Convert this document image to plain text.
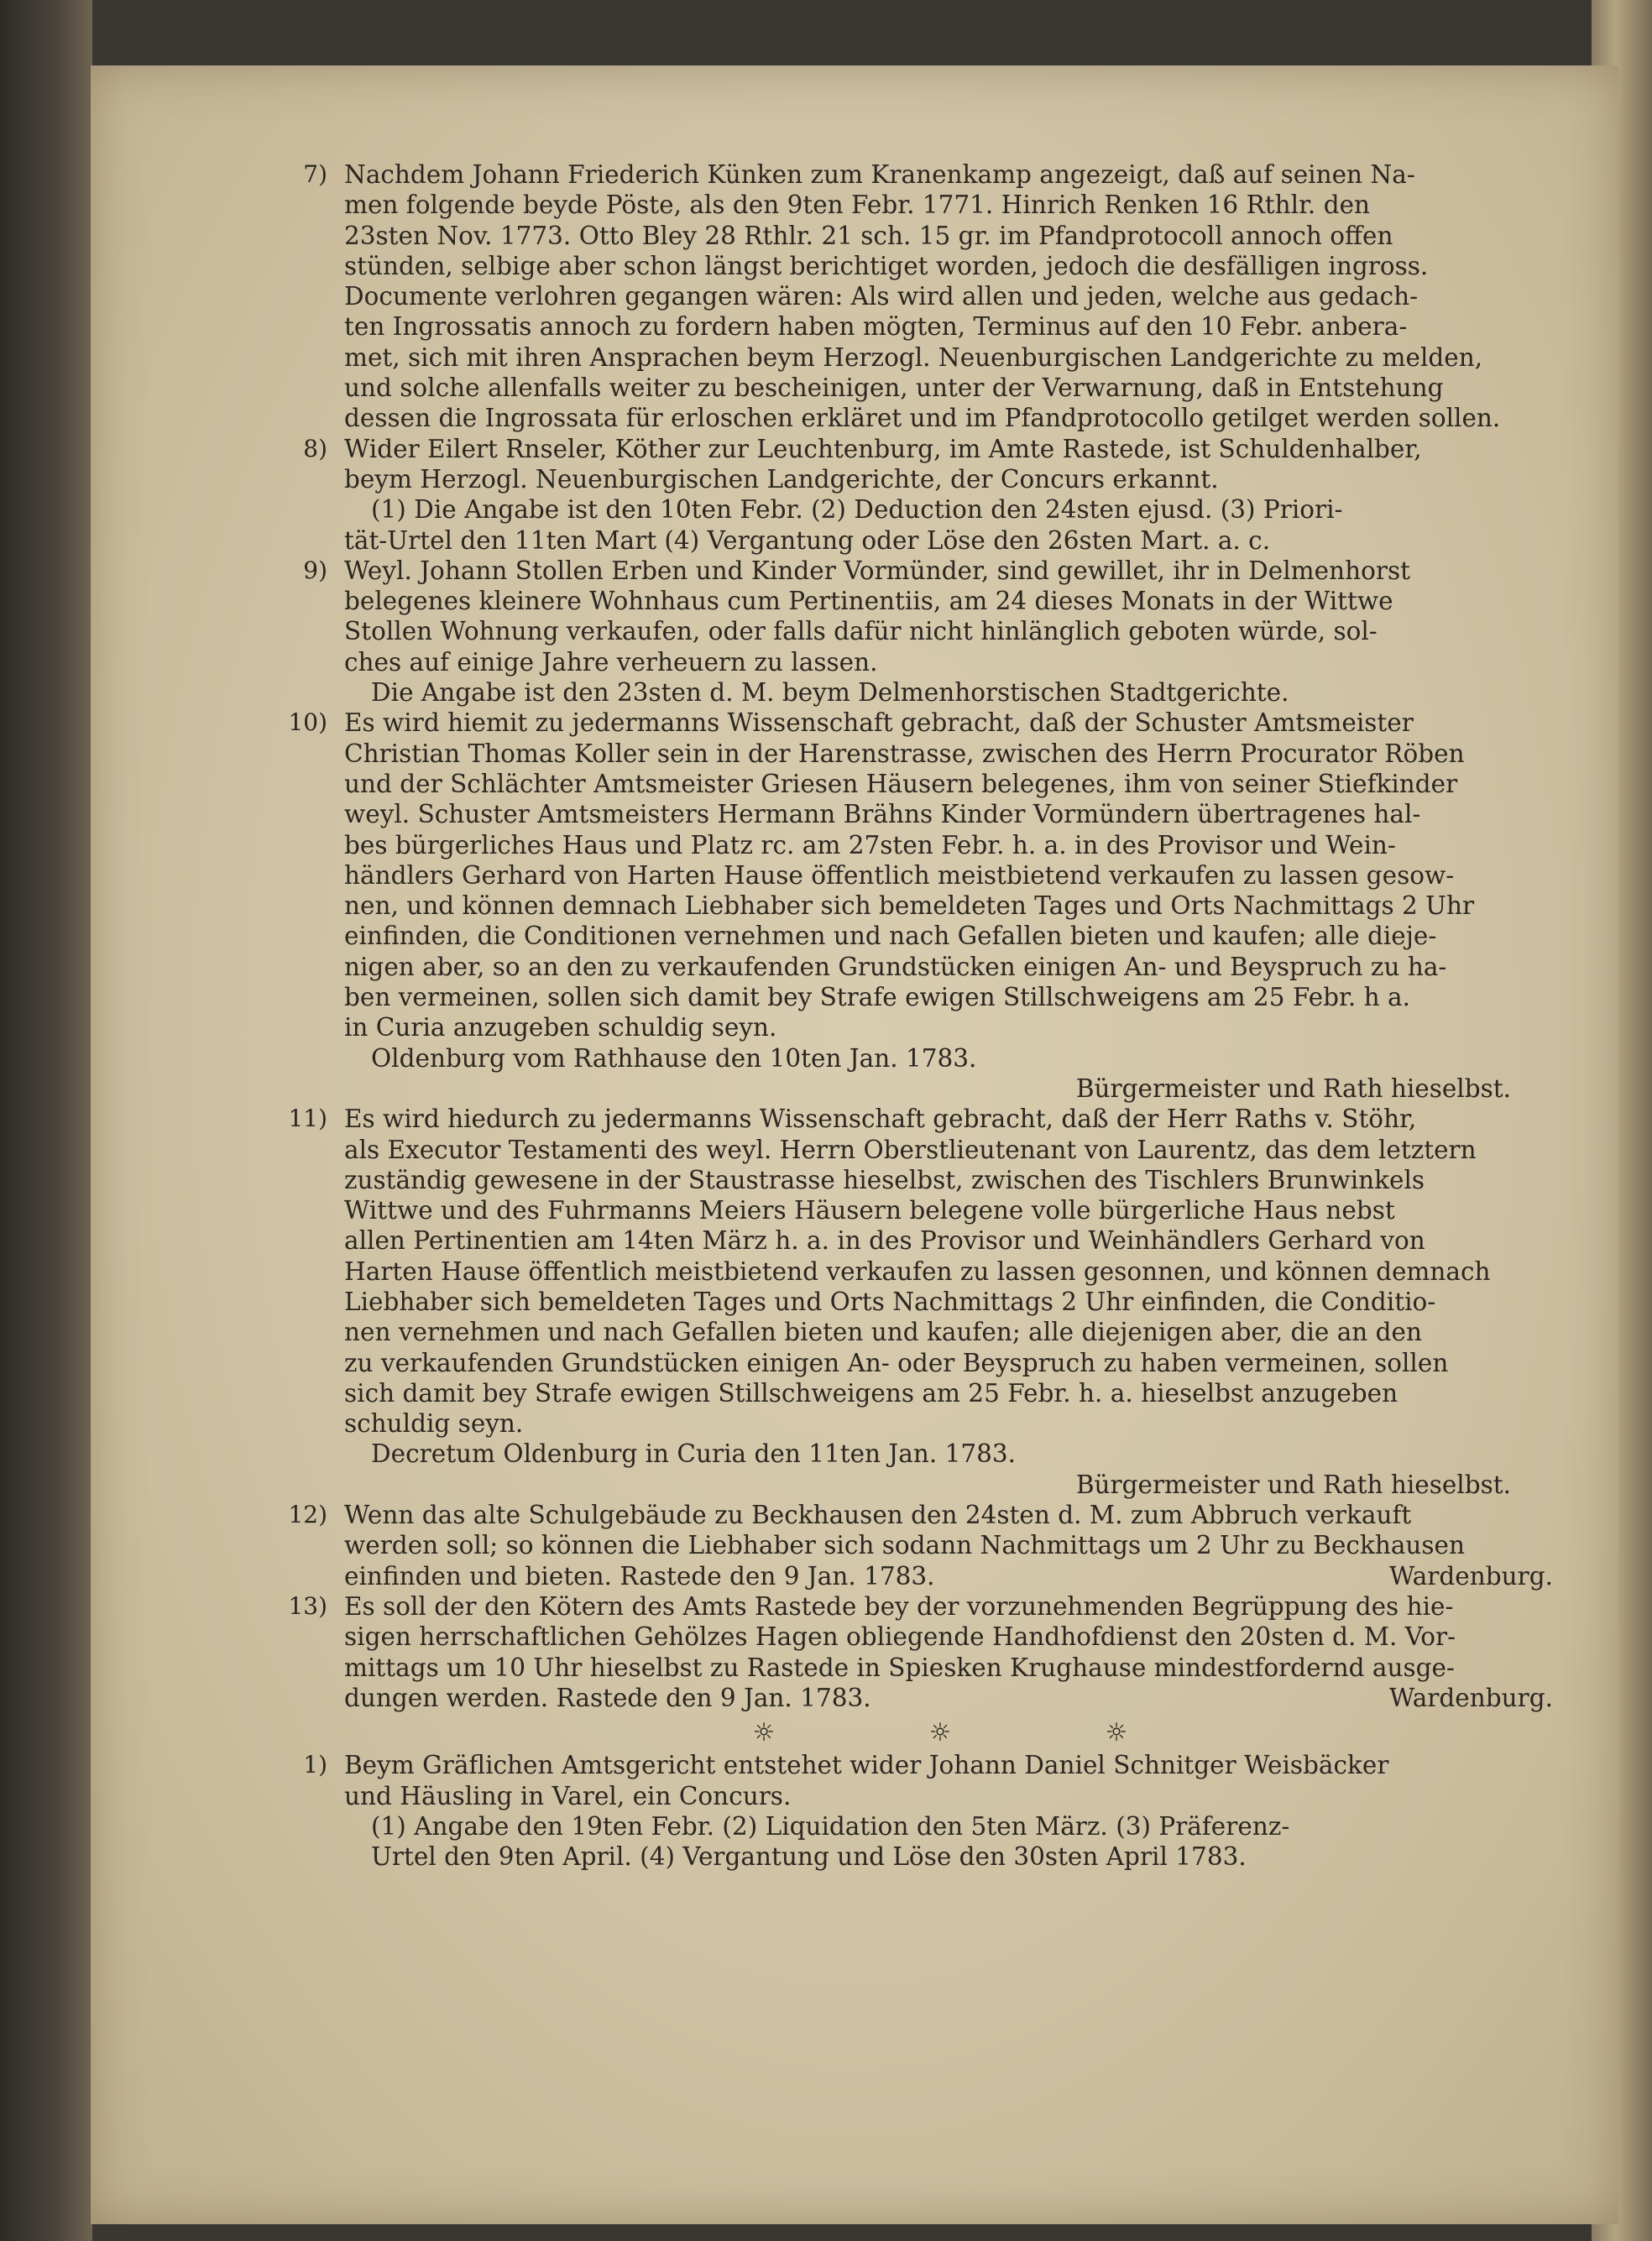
7) Nachdem Johann Friederich Künken zum Kranenkamp angezeigt, daß auf seinen Na-
men folgende beyde Pöste, als den 9ten Febr. 1771. Hinrich Renken 16 Rthlr. den
23sten Nov. 1773. Otto Bley 28 Rthlr. 21 sch. 15 gr. im Pfandprotocoll annoch offen
stünden, selbige aber schon längst berichtiget worden, jedoch die desfälligen ingross.
Documente verlohren gegangen wären: Als wird allen und jeden, welche aus gedach-
ten Ingrossatis annoch zu fordern haben mögten, Terminus auf den 10 Febr. anbera-
met, sich mit ihren Ansprachen beym Herzogl. Neuenburgischen Landgerichte zu melden,
und solche allenfalls weiter zu bescheinigen, unter der Verwarnung, daß in Entstehung
dessen die Ingrossata für erloschen erkläret und im Pfandprotocollo getilget werden sollen.
8) Wider Eilert Rnseler, Köther zur Leuchtenburg, im Amte Rastede, ist Schuldenhalber,
beym Herzogl. Neuenburgischen Landgerichte, der Concurs erkannt.
(1) Die Angabe ist den 10ten Febr. (2) Deduction den 24sten ejusd. (3) Priori-
tät-Urtel den 11ten Mart (4) Vergantung oder Löse den 26sten Mart. a. c.
9) Weyl. Johann Stollen Erben und Kinder Vormünder, sind gewillet, ihr in Delmenhorst
belegenes kleinere Wohnhaus cum Pertinentiis, am 24 dieses Monats in der Wittwe
Stollen Wohnung verkaufen, oder falls dafür nicht hinlänglich geboten würde, sol-
ches auf einige Jahre verheuern zu lassen.
Die Angabe ist den 23sten d. M. beym Delmenhorstischen Stadtgerichte.
10) Es wird hiemit zu jedermanns Wissenschaft gebracht, daß der Schuster Amtsmeister
Christian Thomas Koller sein in der Harenstrasse, zwischen des Herrn Procurator Röben
und der Schlächter Amtsmeister Griesen Häusern belegenes, ihm von seiner Stiefkinder
weyl. Schuster Amtsmeisters Hermann Brähns Kinder Vormündern übertragenes hal-
bes bürgerliches Haus und Platz rc. am 27sten Febr. h. a. in des Provisor und Wein-
händlers Gerhard von Harten Hause öffentlich meistbietend verkaufen zu lassen gesow-
nen, und können demnach Liebhaber sich bemeldeten Tages und Orts Nachmittags 2 Uhr
einfinden, die Conditionen vernehmen und nach Gefallen bieten und kaufen; alle dieje-
nigen aber, so an den zu verkaufenden Grundstücken einigen An- und Beyspruch zu ha-
ben vermeinen, sollen sich damit bey Strafe ewigen Stillschweigens am 25 Febr. h a.
in Curia anzugeben schuldig seyn.
Oldenburg vom Rathhause den 10ten Jan. 1783.
Bürgermeister und Rath hieselbst.
11) Es wird hiedurch zu jedermanns Wissenschaft gebracht, daß der Herr Raths v. Stöhr,
als Executor Testamenti des weyl. Herrn Oberstlieutenant von Laurentz, das dem letztern
zuständig gewesene in der Staustrasse hieselbst, zwischen des Tischlers Brunwinkels
Wittwe und des Fuhrmanns Meiers Häusern belegene volle bürgerliche Haus nebst
allen Pertinentien am 14ten März h. a. in des Provisor und Weinhändlers Gerhard von
Harten Hause öffentlich meistbietend verkaufen zu lassen gesonnen, und können demnach
Liebhaber sich bemeldeten Tages und Orts Nachmittags 2 Uhr einfinden, die Conditio-
nen vernehmen und nach Gefallen bieten und kaufen; alle diejenigen aber, die an den
zu verkaufenden Grundstücken einigen An- oder Beyspruch zu haben vermeinen, sollen
sich damit bey Strafe ewigen Stillschweigens am 25 Febr. h. a. hieselbst anzugeben
schuldig seyn.
Decretum Oldenburg in Curia den 11ten Jan. 1783.
Bürgermeister und Rath hieselbst.
12) Wenn das alte Schulgebäude zu Beckhausen den 24sten d. M. zum Abbruch verkauft
werden soll; so können die Liebhaber sich sodann Nachmittags um 2 Uhr zu Beckhausen
einfinden und bieten. Rastede den 9 Jan. 1783.	Wardenburg.
13) Es soll der den Kötern des Amts Rastede bey der vorzunehmenden Begrüppung des hie-
sigen herrschaftlichen Gehölzes Hagen obliegende Handhofdienst den 20sten d. M. Vor-
mittags um 10 Uhr hieselbst zu Rastede in Spiesken Krughause mindestfordernd ausge-
dungen werden. Rastede den 9 Jan. 1783.	Wardenburg.
☼	☼	☼
1) Beym Gräflichen Amtsgericht entstehet wider Johann Daniel Schnitger Weisbäcker
und Häusling in Varel, ein Concurs.
(1) Angabe den 19ten Febr. (2) Liquidation den 5ten März. (3) Präferenz-
Urtel den 9ten April. (4) Vergantung und Löse den 30sten April 1783.
